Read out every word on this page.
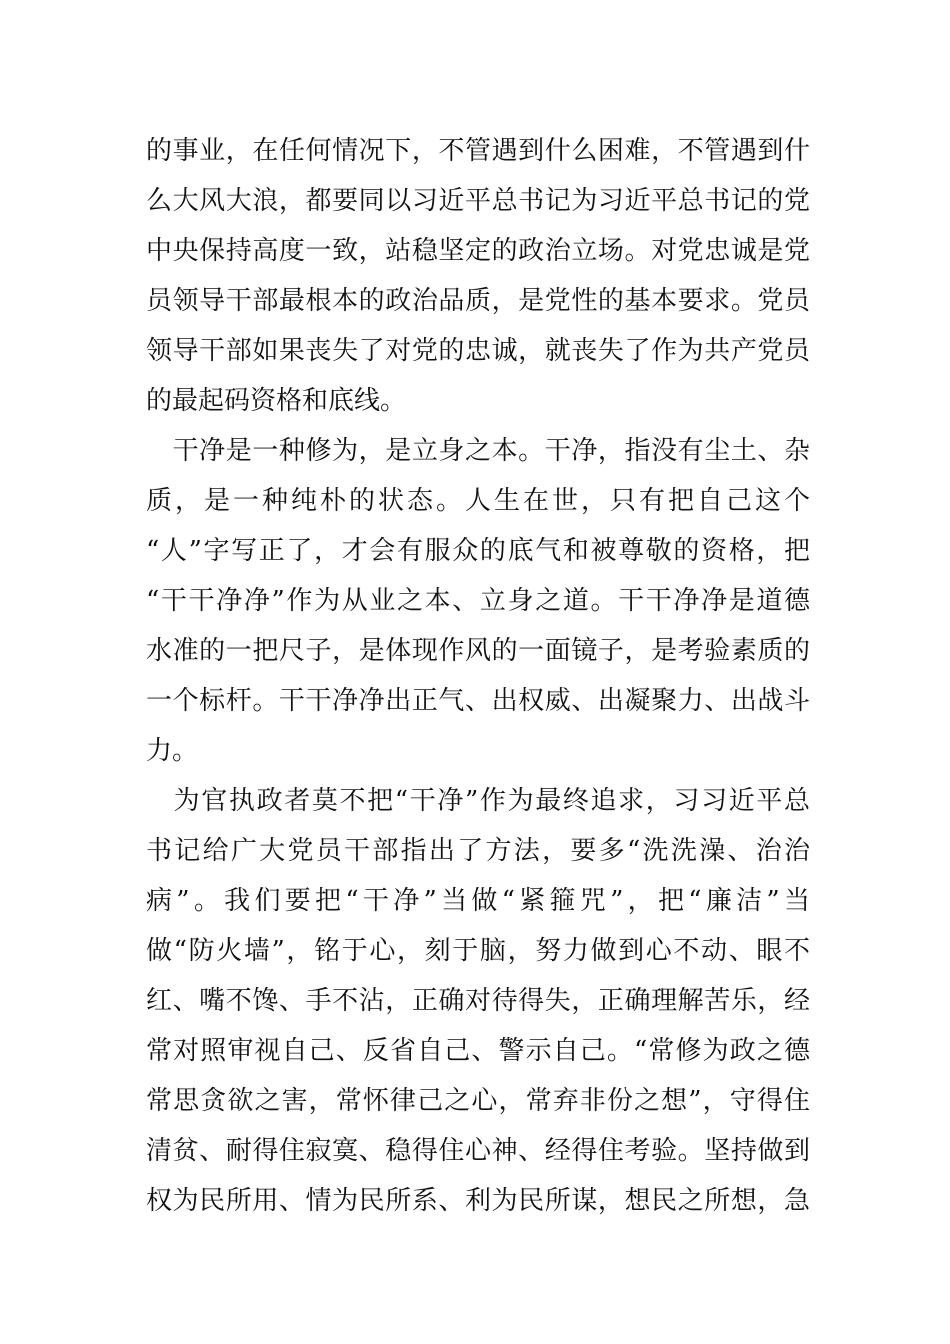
的事业，在任何情况下，不管遇到什么困难，不管遇到什
么大风大浪，都要同以习近平总书记为习近平总书记的党
中央保持高度一致，站稳坚定的政治立场。对党忠诚是党
员领导干部最根本的政治品质，是党性的基本要求。党员
领导干部如果丧失了对党的忠诚，就丧失了作为共产党员
的最起码资格和底线。
　干净是一种修为，是立身之本。干净，指没有尘土、杂
质，是一种纯朴的状态。人生在世，只有把自己这个
“人”字写正了，才会有服众的底气和被尊敬的资格，把
“干干净净”作为从业之本、立身之道。干干净净是道德
水准的一把尺子，是体现作风的一面镜子，是考验素质的
一个标杆。干干净净出正气、出权威、出凝聚力、出战斗
力。
　为官执政者莫不把“干净”作为最终追求，习习近平总
书记给广大党员干部指出了方法，要多“洗洗澡、治治
病”。我们要把“干净”当做“紧箍咒”，把“廉洁”当
做“防火墙”，铭于心，刻于脑，努力做到心不动、眼不
红、嘴不馋、手不沾，正确对待得失，正确理解苦乐，经
常对照审视自己、反省自己、警示自己。“常修为政之德
常思贪欲之害，常怀律己之心，常弃非份之想”，守得住
清贫、耐得住寂寞、稳得住心神、经得住考验。坚持做到
权为民所用、情为民所系、利为民所谋，想民之所想，急
